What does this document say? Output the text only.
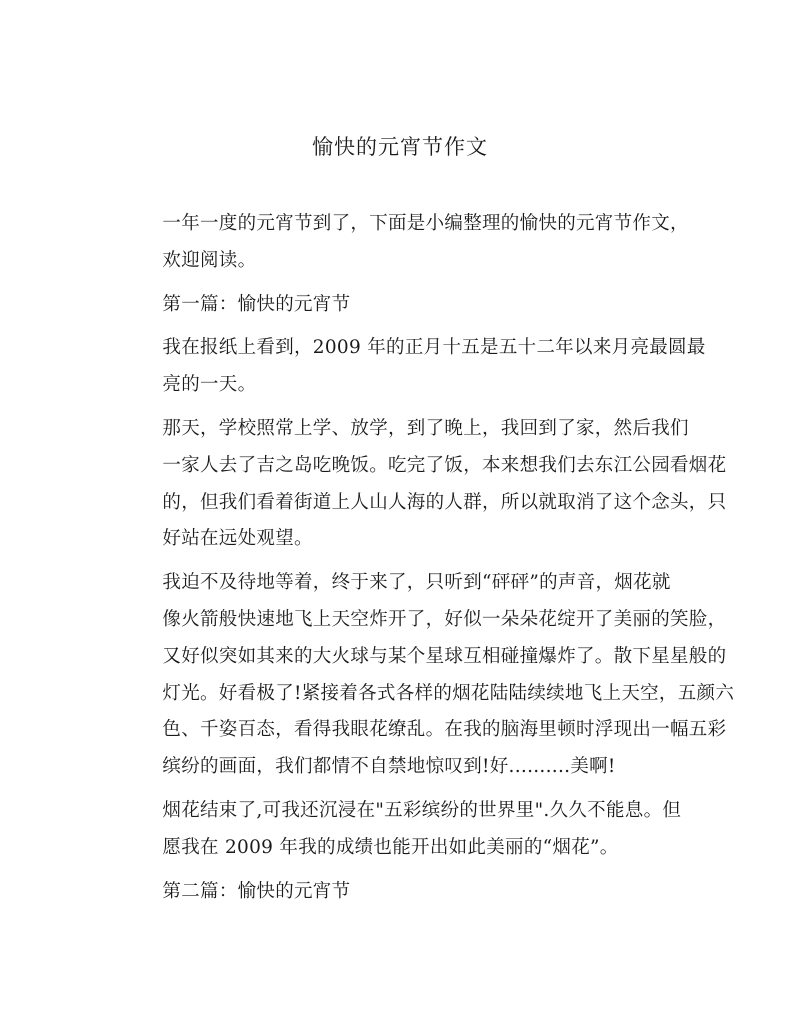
愉快的元宵节作文

一年一度的元宵节到了，下面是小编整理的愉快的元宵节作文，
欢迎阅读。

第一篇：愉快的元宵节

我在报纸上看到，2009 年的正月十五是五十二年以来月亮最圆最
亮的一天。

那天，学校照常上学、放学，到了晚上，我回到了家，然后我们
一家人去了吉之岛吃晚饭。吃完了饭，本来想我们去东江公园看烟花
的，但我们看着街道上人山人海的人群，所以就取消了这个念头，只
好站在远处观望。

我迫不及待地等着，终于来了，只听到“砰砰”的声音，烟花就
像火箭般快速地飞上天空炸开了，好似一朵朵花绽开了美丽的笑脸，
又好似突如其来的大火球与某个星球互相碰撞爆炸了。散下星星般的
灯光。好看极了!紧接着各式各样的烟花陆陆续续地飞上天空，五颜六
色、千姿百态，看得我眼花缭乱。在我的脑海里顿时浮现出一幅五彩
缤纷的画面，我们都情不自禁地惊叹到!好..........美啊!

烟花结束了,可我还沉浸在"五彩缤纷的世界里".久久不能息。但
愿我在 2009 年我的成绩也能开出如此美丽的“烟花”。

第二篇：愉快的元宵节
